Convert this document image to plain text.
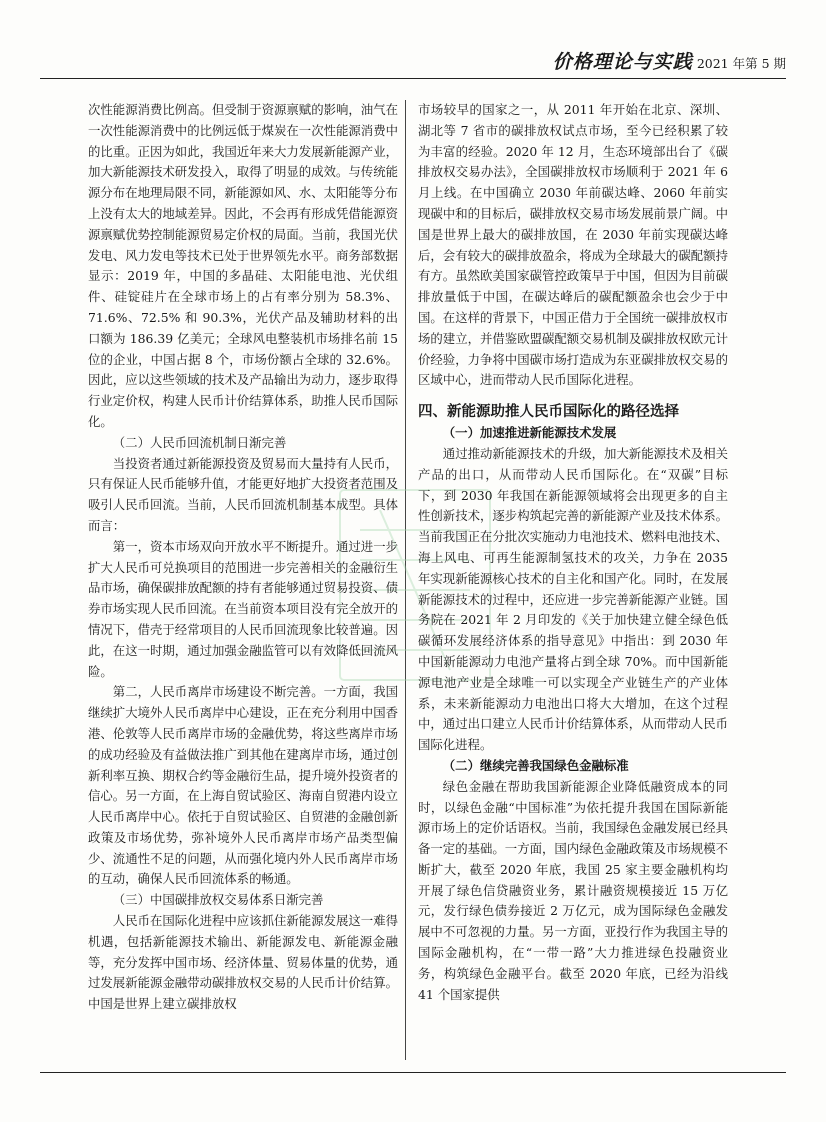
价格理论与实践 2021 年第 5 期

次性能源消费比例高。但受制于资源禀赋的影响，油气在一次性能源消费中的比例远低于煤炭在一次性能源消费中的比重。正因为如此，我国近年来大力发展新能源产业，加大新能源技术研发投入，取得了明显的成效。与传统能源分布在地理局限不同，新能源如风、水、太阳能等分布上没有太大的地域差异。因此，不会再有形成凭借能源资源禀赋优势控制能源贸易定价权的局面。当前，我国光伏发电、风力发电等技术已处于世界领先水平。商务部数据显示：2019 年，中国的多晶硅、太阳能电池、光伏组件、硅锭硅片在全球市场上的占有率分别为 58.3%、71.6%、72.5% 和 90.3%，光伏产品及辅助材料的出口额为 186.39 亿美元；全球风电整装机市场排名前 15 位的企业，中国占据 8 个，市场份额占全球的 32.6%。因此，应以这些领域的技术及产品输出为动力，逐步取得行业定价权，构建人民币计价结算体系，助推人民币国际化。

（二）人民币回流机制日渐完善

当投资者通过新能源投资及贸易而大量持有人民币，只有保证人民币能够升值，才能更好地扩大投资者范围及吸引人民币回流。当前，人民币回流机制基本成型。具体而言：

第一，资本市场双向开放水平不断提升。通过进一步扩大人民币可兑换项目的范围进一步完善相关的金融衍生品市场，确保碳排放配额的持有者能够通过贸易投资、债券市场实现人民币回流。在当前资本项目没有完全放开的情况下，借壳于经常项目的人民币回流现象比较普遍。因此，在这一时期，通过加强金融监管可以有效降低回流风险。

第二，人民币离岸市场建设不断完善。一方面，我国继续扩大境外人民币离岸中心建设，正在充分利用中国香港、伦敦等人民币离岸市场的金融优势，将这些离岸市场的成功经验及有益做法推广到其他在建离岸市场，通过创新利率互换、期权合约等金融衍生品，提升境外投资者的信心。另一方面，在上海自贸试验区、海南自贸港内设立人民币离岸中心。依托于自贸试验区、自贸港的金融创新政策及市场优势，弥补境外人民币离岸市场产品类型偏少、流通性不足的问题，从而强化境内外人民币离岸市场的互动，确保人民币回流体系的畅通。

（三）中国碳排放权交易体系日渐完善

人民币在国际化进程中应该抓住新能源发展这一难得机遇，包括新能源技术输出、新能源发电、新能源金融等，充分发挥中国市场、经济体量、贸易体量的优势，通过发展新能源金融带动碳排放权交易的人民币计价结算。中国是世界上建立碳排放权

市场较早的国家之一，从 2011 年开始在北京、深圳、湖北等 7 省市的碳排放权试点市场，至今已经积累了较为丰富的经验。2020 年 12 月，生态环境部出台了《碳排放权交易办法》，全国碳排放权市场顺利于 2021 年 6 月上线。在中国确立 2030 年前碳达峰、2060 年前实现碳中和的目标后，碳排放权交易市场发展前景广阔。中国是世界上最大的碳排放国，在 2030 年前实现碳达峰后，会有较大的碳排放盈余，将成为全球最大的碳配额持有方。虽然欧美国家碳管控政策早于中国，但因为目前碳排放量低于中国，在碳达峰后的碳配额盈余也会少于中国。在这样的背景下，中国正借力于全国统一碳排放权市场的建立，并借鉴欧盟碳配额交易机制及碳排放权欧元计价经验，力争将中国碳市场打造成为东亚碳排放权交易的区域中心，进而带动人民币国际化进程。

四、新能源助推人民币国际化的路径选择
（一）加速推进新能源技术发展

通过推动新能源技术的升级，加大新能源技术及相关产品的出口，从而带动人民币国际化。在“双碳”目标下，到 2030 年我国在新能源领域将会出现更多的自主性创新技术，逐步构筑起完善的新能源产业及技术体系。当前我国正在分批次实施动力电池技术、燃料电池技术、海上风电、可再生能源制氢技术的攻关，力争在 2035 年实现新能源核心技术的自主化和国产化。同时，在发展新能源技术的过程中，还应进一步完善新能源产业链。国务院在 2021 年 2 月印发的《关于加快建立健全绿色低碳循环发展经济体系的指导意见》中指出：到 2030 年中国新能源动力电池产量将占到全球 70%。而中国新能源电池产业是全球唯一可以实现全产业链生产的产业体系，未来新能源动力电池出口将大大增加，在这个过程中，通过出口建立人民币计价结算体系，从而带动人民币国际化进程。

（二）继续完善我国绿色金融标准

绿色金融在帮助我国新能源企业降低融资成本的同时，以绿色金融“中国标准”为依托提升我国在国际新能源市场上的定价话语权。当前，我国绿色金融发展已经具备一定的基础。一方面，国内绿色金融政策及市场规模不断扩大，截至 2020 年底，我国 25 家主要金融机构均开展了绿色信贷融资业务，累计融资规模接近 15 万亿元，发行绿色债券接近 2 万亿元，成为国际绿色金融发展中不可忽视的力量。另一方面，亚投行作为我国主导的国际金融机构，在“一带一路”大力推进绿色投融资业务，构筑绿色金融平台。截至 2020 年底，已经为沿线 41 个国家提供
